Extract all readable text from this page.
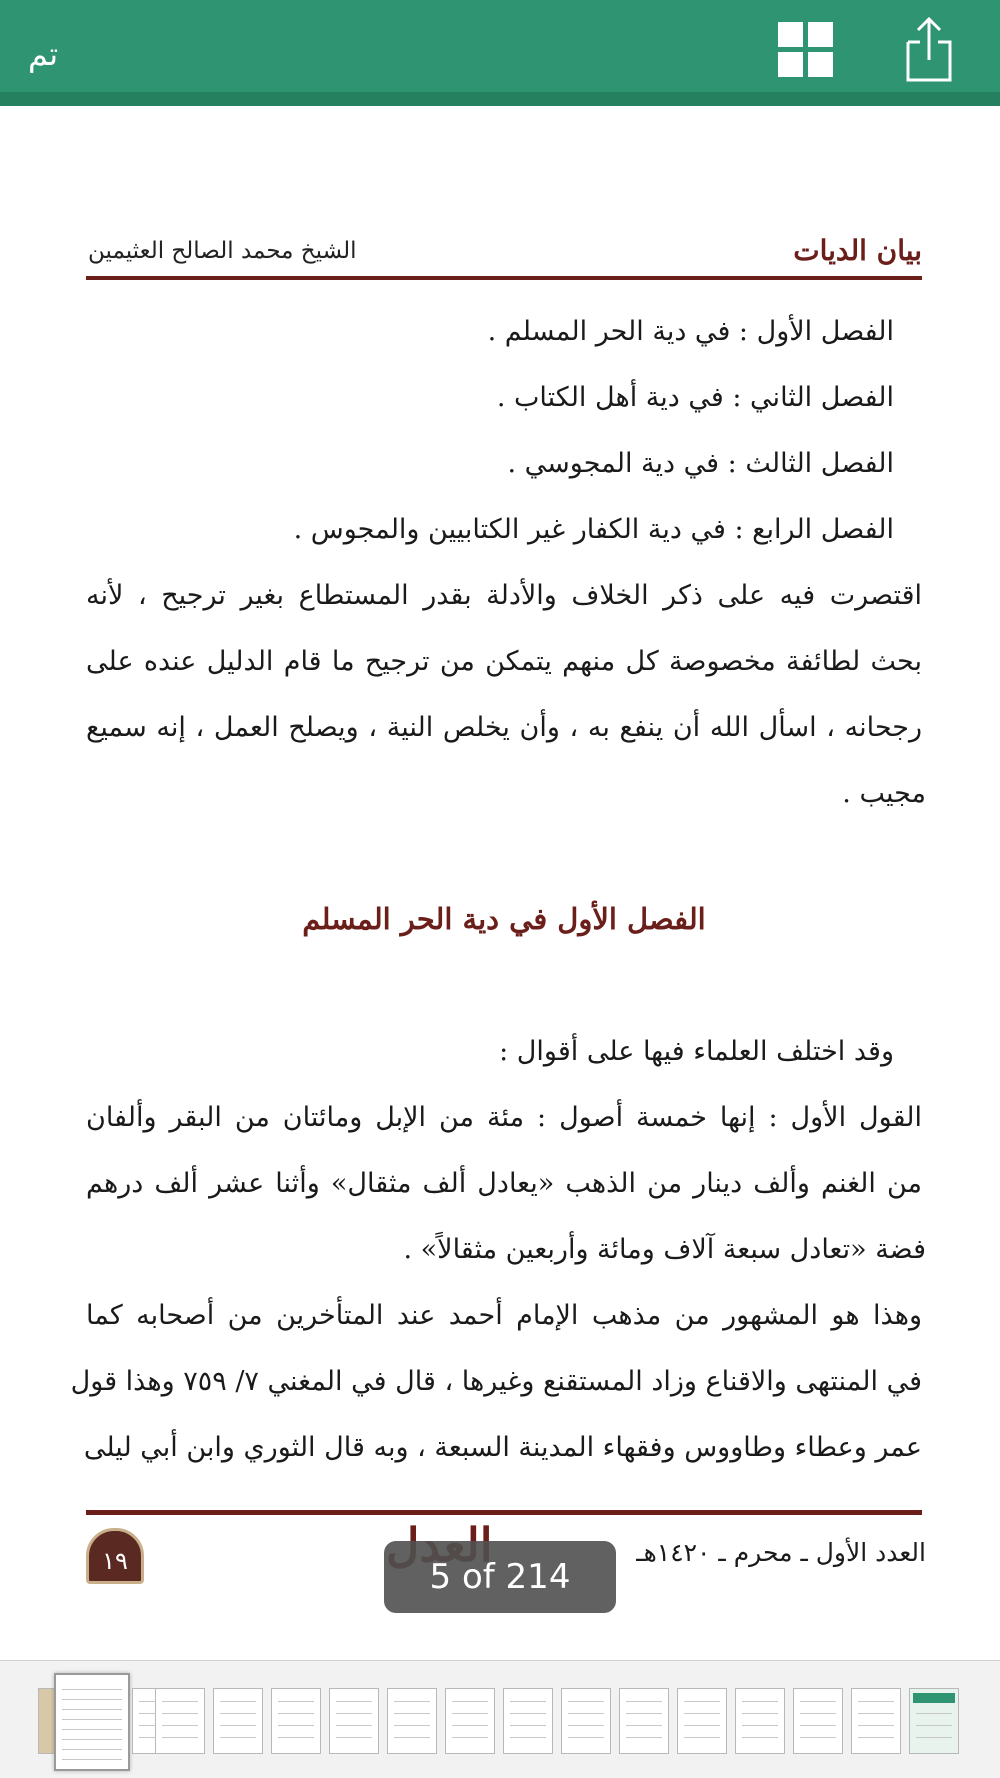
تم
بيان الديات
الشيخ محمد الصالح العثيمين
الفصل الأول : في دية الحر المسلم .
الفصل الثاني : في دية أهل الكتاب .
الفصل الثالث : في دية المجوسي .
الفصل الرابع : في دية الكفار غير الكتابيين والمجوس .
اقتصرت فيه على ذكر الخلاف والأدلة بقدر المستطاع بغير ترجيح ، لأنه
بحث لطائفة مخصوصة كل منهم يتمكن من ترجيح ما قام الدليل عنده على
رجحانه ، اسأل الله أن ينفع به ، وأن يخلص النية ، ويصلح العمل ، إنه سميع
مجيب .
الفصل الأول في دية الحر المسلم
وقد اختلف العلماء فيها على أقوال :
القول الأول : إنها خمسة أصول : مئة من الإبل ومائتان من البقر وألفان
من الغنم وألف دينار من الذهب «يعادل ألف مثقال» وأثنا عشر ألف درهم
فضة «تعادل سبعة آلاف ومائة وأربعين مثقالاً» .
وهذا هو المشهور من مذهب الإمام أحمد عند المتأخرين من أصحابه كما
في المنتهى والاقناع وزاد المستقنع وغيرها ، قال في المغني ٧/ ٧٥٩ وهذا قول
عمر وعطاء وطاووس وفقهاء المدينة السبعة ، وبه قال الثوري وابن أبي ليلى
١٩	العدد الأول ـ محرم ـ ١٤٢٠هـ
5 of 214
